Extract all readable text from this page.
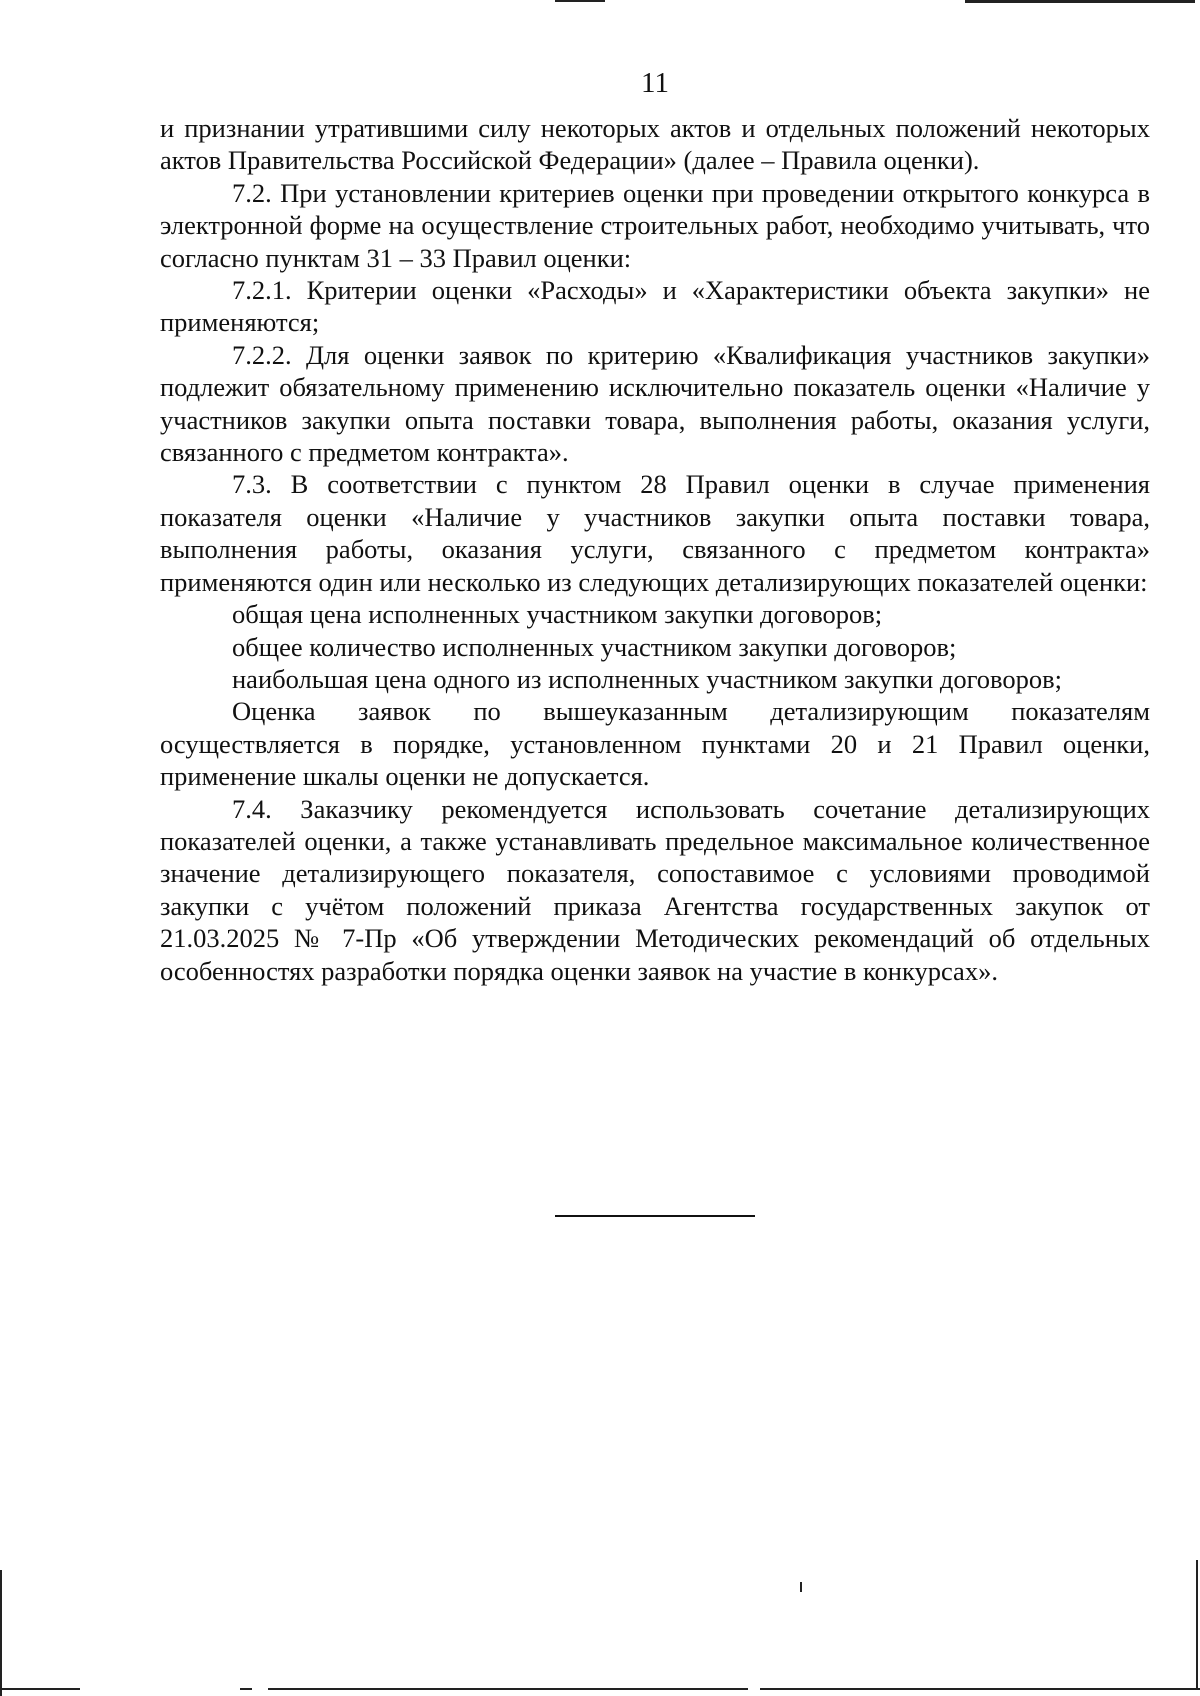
11

и признании утратившими силу некоторых актов и отдельных положений некоторых актов Правительства Российской Федерации» (далее – Правила оценки).

7.2. При установлении критериев оценки при проведении открытого конкурса в электронной форме на осуществление строительных работ, необходимо учитывать, что согласно пунктам 31 – 33 Правил оценки:

7.2.1. Критерии оценки «Расходы» и «Характеристики объекта закупки» не применяются;

7.2.2. Для оценки заявок по критерию «Квалификация участников закупки» подлежит обязательному применению исключительно показатель оценки «Наличие у участников закупки опыта поставки товара, выполнения работы, оказания услуги, связанного с предметом контракта».

7.3. В соответствии с пунктом 28 Правил оценки в случае применения показателя оценки «Наличие у участников закупки опыта поставки товара, выполнения работы, оказания услуги, связанного с предметом контракта» применяются один или несколько из следующих детализирующих показателей оценки:

общая цена исполненных участником закупки договоров;

общее количество исполненных участником закупки договоров;

наибольшая цена одного из исполненных участником закупки договоров;

Оценка заявок по вышеуказанным детализирующим показателям осуществляется в порядке, установленном пунктами 20 и 21 Правил оценки, применение шкалы оценки не допускается.

7.4. Заказчику рекомендуется использовать сочетание детализирующих показателей оценки, а также устанавливать предельное максимальное количественное значение детализирующего показателя, сопоставимое с условиями проводимой закупки с учётом положений приказа Агентства государственных закупок от 21.03.2025 № 7-Пр «Об утверждении Методических рекомендаций об отдельных особенностях разработки порядка оценки заявок на участие в конкурсах».
